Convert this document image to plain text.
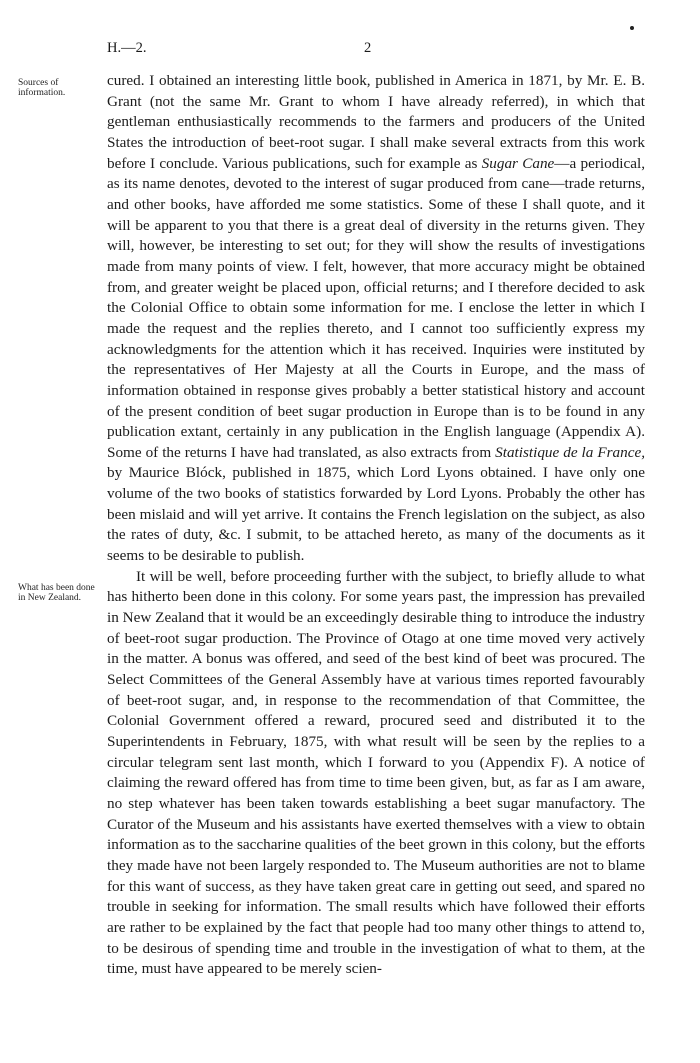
H.—2.	2
Sources of information.
What has been done in New Zealand.

cured. I obtained an interesting little book, published in America in 1871, by Mr. E. B. Grant (not the same Mr. Grant to whom I have already referred), in which that gentleman enthusiastically recommends to the farmers and producers of the United States the introduction of beet-root sugar. I shall make several extracts from this work before I conclude. Various publications, such for example as Sugar Cane—a periodical, as its name denotes, devoted to the interest of sugar produced from cane—trade returns, and other books, have afforded me some statistics. Some of these I shall quote, and it will be apparent to you that there is a great deal of diversity in the returns given. They will, however, be interesting to set out; for they will show the results of investigations made from many points of view. I felt, however, that more accuracy might be obtained from, and greater weight be placed upon, official returns; and I therefore decided to ask the Colonial Office to obtain some information for me. I enclose the letter in which I made the request and the replies thereto, and I cannot too sufficiently express my acknowledgments for the attention which it has received. Inquiries were instituted by the representatives of Her Majesty at all the Courts in Europe, and the mass of information obtained in response gives probably a better statistical history and account of the present condition of beet sugar production in Europe than is to be found in any publication extant, certainly in any publication in the English language (Appendix A). Some of the returns I have had translated, as also extracts from Statistique de la France, by Maurice Blóck, published in 1875, which Lord Lyons obtained. I have only one volume of the two books of statistics forwarded by Lord Lyons. Probably the other has been mislaid and will yet arrive. It contains the French legislation on the subject, as also the rates of duty, &c. I submit, to be attached hereto, as many of the documents as it seems to be desirable to publish.

It will be well, before proceeding further with the subject, to briefly allude to what has hitherto been done in this colony. For some years past, the impression has prevailed in New Zealand that it would be an exceedingly desirable thing to introduce the industry of beet-root sugar production. The Province of Otago at one time moved very actively in the matter. A bonus was offered, and seed of the best kind of beet was procured. The Select Committees of the General Assembly have at various times reported favourably of beet-root sugar, and, in response to the recommendation of that Committee, the Colonial Government offered a reward, procured seed and distributed it to the Superintendents in February, 1875, with what result will be seen by the replies to a circular telegram sent last month, which I forward to you (Appendix F). A notice of claiming the reward offered has from time to time been given, but, as far as I am aware, no step whatever has been taken towards establishing a beet sugar manufactory. The Curator of the Museum and his assistants have exerted themselves with a view to obtain information as to the saccharine qualities of the beet grown in this colony, but the efforts they made have not been largely responded to. The Museum authorities are not to blame for this want of success, as they have taken great care in getting out seed, and spared no trouble in seeking for information. The small results which have followed their efforts are rather to be explained by the fact that people had too many other things to attend to, to be desirous of spending time and trouble in the investigation of what to them, at the time, must have appeared to be merely scien-
